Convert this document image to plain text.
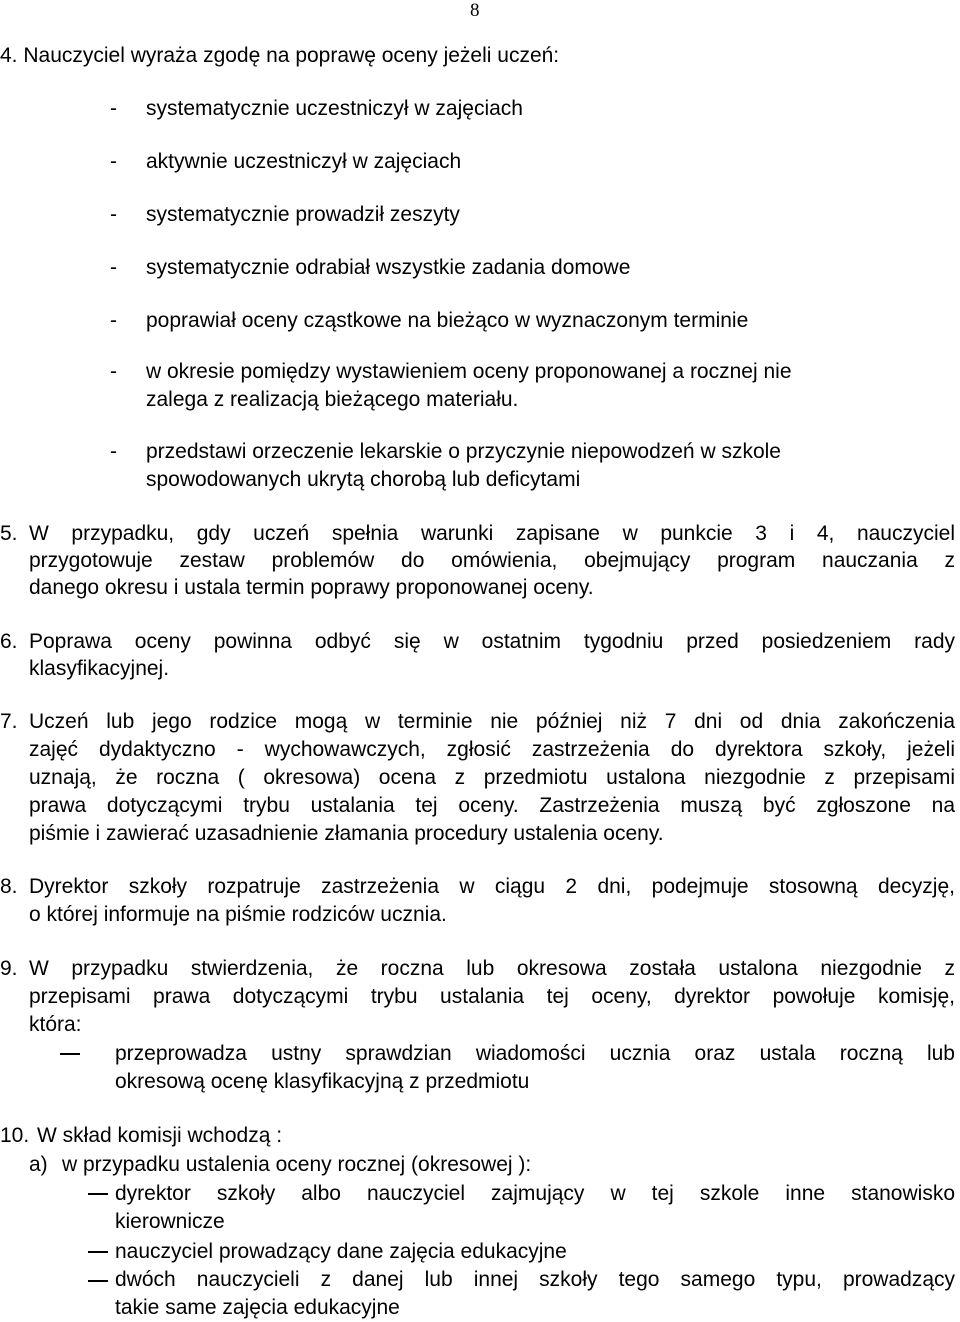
8
4. Nauczyciel wyraża zgodę na poprawę oceny jeżeli uczeń:
- systematycznie uczestniczył w zajęciach
- aktywnie uczestniczył w zajęciach
- systematycznie prowadził zeszyty
- systematycznie odrabiał wszystkie zadania domowe
- poprawiał oceny cząstkowe na bieżąco w wyznaczonym terminie
- w okresie pomiędzy wystawieniem oceny proponowanej a rocznej nie
zalega z realizacją bieżącego materiału.
- przedstawi orzeczenie lekarskie o przyczynie niepowodzeń w szkole
spowodowanych ukrytą chorobą lub deficytami
5. W przypadku, gdy uczeń spełnia warunki zapisane w punkcie 3 i 4, nauczyciel
przygotowuje zestaw problemów do omówienia, obejmujący program nauczania z
danego okresu i ustala termin poprawy proponowanej oceny.
6. Poprawa oceny powinna odbyć się w ostatnim tygodniu przed posiedzeniem rady
klasyfikacyjnej.
7. Uczeń lub jego rodzice mogą w terminie nie później niż 7 dni od dnia zakończenia
zajęć dydaktyczno - wychowawczych, zgłosić zastrzeżenia do dyrektora szkoły, jeżeli
uznają, że roczna ( okresowa) ocena z przedmiotu ustalona niezgodnie z przepisami
prawa dotyczącymi trybu ustalania tej oceny. Zastrzeżenia muszą być zgłoszone na
piśmie i zawierać uzasadnienie złamania procedury ustalenia oceny.
8. Dyrektor szkoły rozpatruje zastrzeżenia w ciągu 2 dni, podejmuje stosowną decyzję,
o której informuje na piśmie rodziców ucznia.
9. W przypadku stwierdzenia, że roczna lub okresowa została ustalona niezgodnie z
przepisami prawa dotyczącymi trybu ustalania tej oceny, dyrektor powołuje komisję,
która:
przeprowadza ustny sprawdzian wiadomości ucznia oraz ustala roczną lub
okresową ocenę klasyfikacyjną z przedmiotu
10. W skład komisji wchodzą :
a) w przypadku ustalenia oceny rocznej (okresowej ):
dyrektor szkoły albo nauczyciel zajmujący w tej szkole inne stanowisko
kierownicze
nauczyciel prowadzący dane zajęcia edukacyjne
dwóch nauczycieli z danej lub innej szkoły tego samego typu, prowadzący
takie same zajęcia edukacyjne
